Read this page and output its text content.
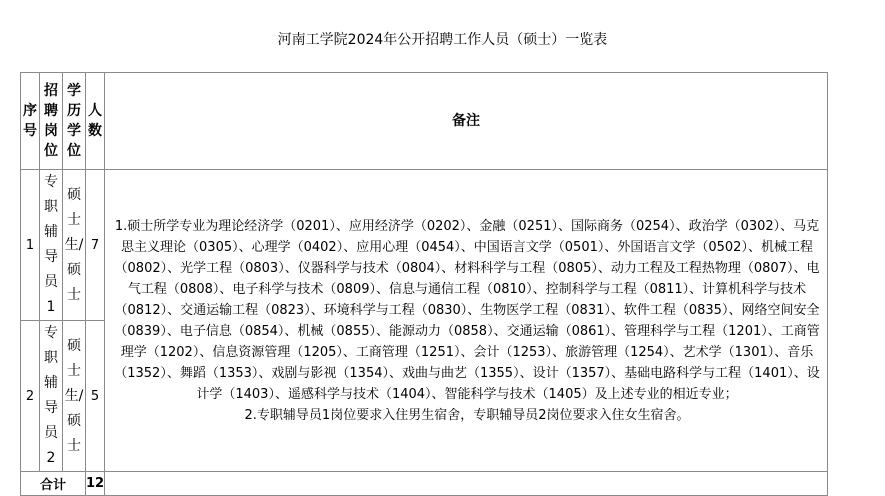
河南工学院2024年公开招聘工作人员（硕士）一览表
序号	招聘岗位	学历学位	人数	备注
1	专职辅导员1	硕士生/硕士	7	1.硕士所学专业为理论经济学（0201）、应用经济学（0202）、金融（0251）、国际商务（0254）、政治学（0302）、马克思主义理论（0305）、心理学（0402）、应用心理（0454）、中国语言文学（0501）、外国语言文学（0502）、机械工程（0802）、光学工程（0803）、仪器科学与技术（0804）、材料科学与工程（0805）、动力工程及工程热物理（0807）、电气工程（0808）、电子科学与技术（0809）、信息与通信工程（0810）、控制科学与工程（0811）、计算机科学与技术（0812）、交通运输工程（0823）、环境科学与工程（0830）、生物医学工程（0831）、软件工程（0835）、网络空间安全（0839）、电子信息（0854）、机械（0855）、能源动力（0858）、交通运输（0861）、管理科学与工程（1201）、工商管理学（1202）、信息资源管理（1205）、工商管理（1251）、会计（1253）、旅游管理（1254）、艺术学（1301）、音乐（1352）、舞蹈（1353）、戏剧与影视（1354）、戏曲与曲艺（1355）、设计（1357）、基础电路科学与工程（1401）、设计学（1403）、遥感科学与技术（1404）、智能科学与技术（1405）及上述专业的相近专业；
2.专职辅导员1岗位要求入住男生宿舍，专职辅导员2岗位要求入住女生宿舍。

2	专职辅导员2	硕士生/硕士	5	
合计			12	
